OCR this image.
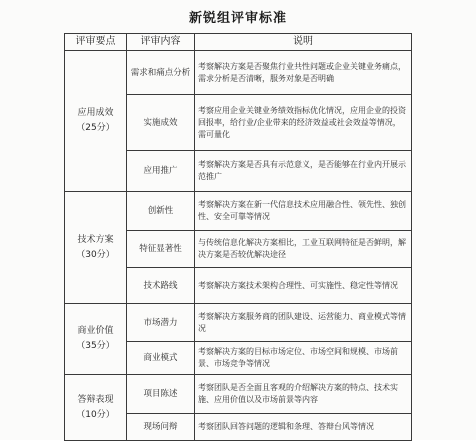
新锐组评审标准
评审要点	评审内容	说明

应用成效
（25分）	需求和痛点分析	考察解决方案是否聚焦行业共性问题或企业关键业务痛点，需求分析是否清晰，服务对象是否明确
	实施成效	考察应用企业关键业务绩效指标优化情况，应用企业的投资回报率，给行业/企业带来的经济效益或社会效益等情况，需可量化
	应用推广	考察解决方案是否具有示范意义，是否能够在行业内开展示范推广

技术方案
（30分）	创新性	考察解决方案在新一代信息技术应用融合性、领先性、独创性、安全可靠等情况
	特征显著性	与传统信息化解决方案相比，工业互联网特征是否鲜明，解决方案是否较优解决途径
	技术路线	考察解决方案技术架构合理性、可实施性、稳定性等情况

商业价值
（35分）	市场潜力	考察解决方案服务商的团队建设、运营能力、商业模式等情况
	商业模式	考察解决方案的目标市场定位、市场空间和规模、市场前景、市场竞争等情况

答辩表现
（10分）	项目陈述	考察团队是否全面且客观的介绍解决方案的特点、技术实施、应用价值以及市场前景等内容
	现场问辩	考察团队回答问题的逻辑和条理、答辩台风等情况
